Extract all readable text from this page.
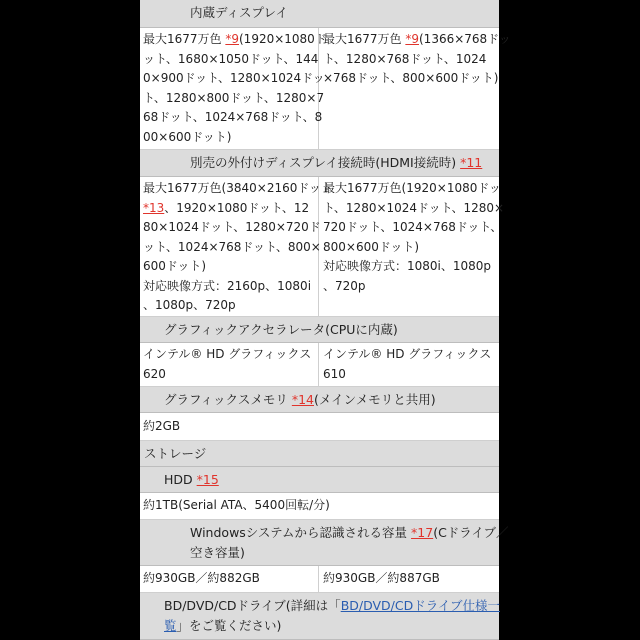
内蔵ディスプレイ
最大1677万色 *9(1920×1080ド
ット、1680×1050ドット、144
0×900ドット、1280×1024ドッ
ト、1280×800ドット、1280×7
68ドット、1024×768ドット、8
00×600ドット)
最大1677万色 *9(1366×768ドッ
ト、1280×768ドット、1024
×768ドット、800×600ドット)
別売の外付けディスプレイ接続時(HDMI接続時) *11
最大1677万色(3840×2160ドット
*13、1920×1080ドット、12
80×1024ドット、1280×720ド
ット、1024×768ドット、800×
600ドット)
対応映像方式：2160p、1080i
、1080p、720p
最大1677万色(1920×1080ドッ
ト、1280×1024ドット、1280×
720ドット、1024×768ドット、
800×600ドット)
対応映像方式：1080i、1080p
、720p
グラフィックアクセラレータ(CPUに内蔵)
インテル® HD グラフィックス
620
インテル® HD グラフィックス
610
グラフィックスメモリ *14(メインメモリと共用)
約2GB
ストレージ
HDD *15
約1TB(Serial ATA、5400回転/分)
Windowsシステムから認識される容量 *17(Cドライブ／
空き容量)
約930GB／約882GB	約930GB／約887GB
BD/DVD/CDドライブ(詳細は「BD/DVD/CDドライブ仕様一
覧」をご覧ください)
